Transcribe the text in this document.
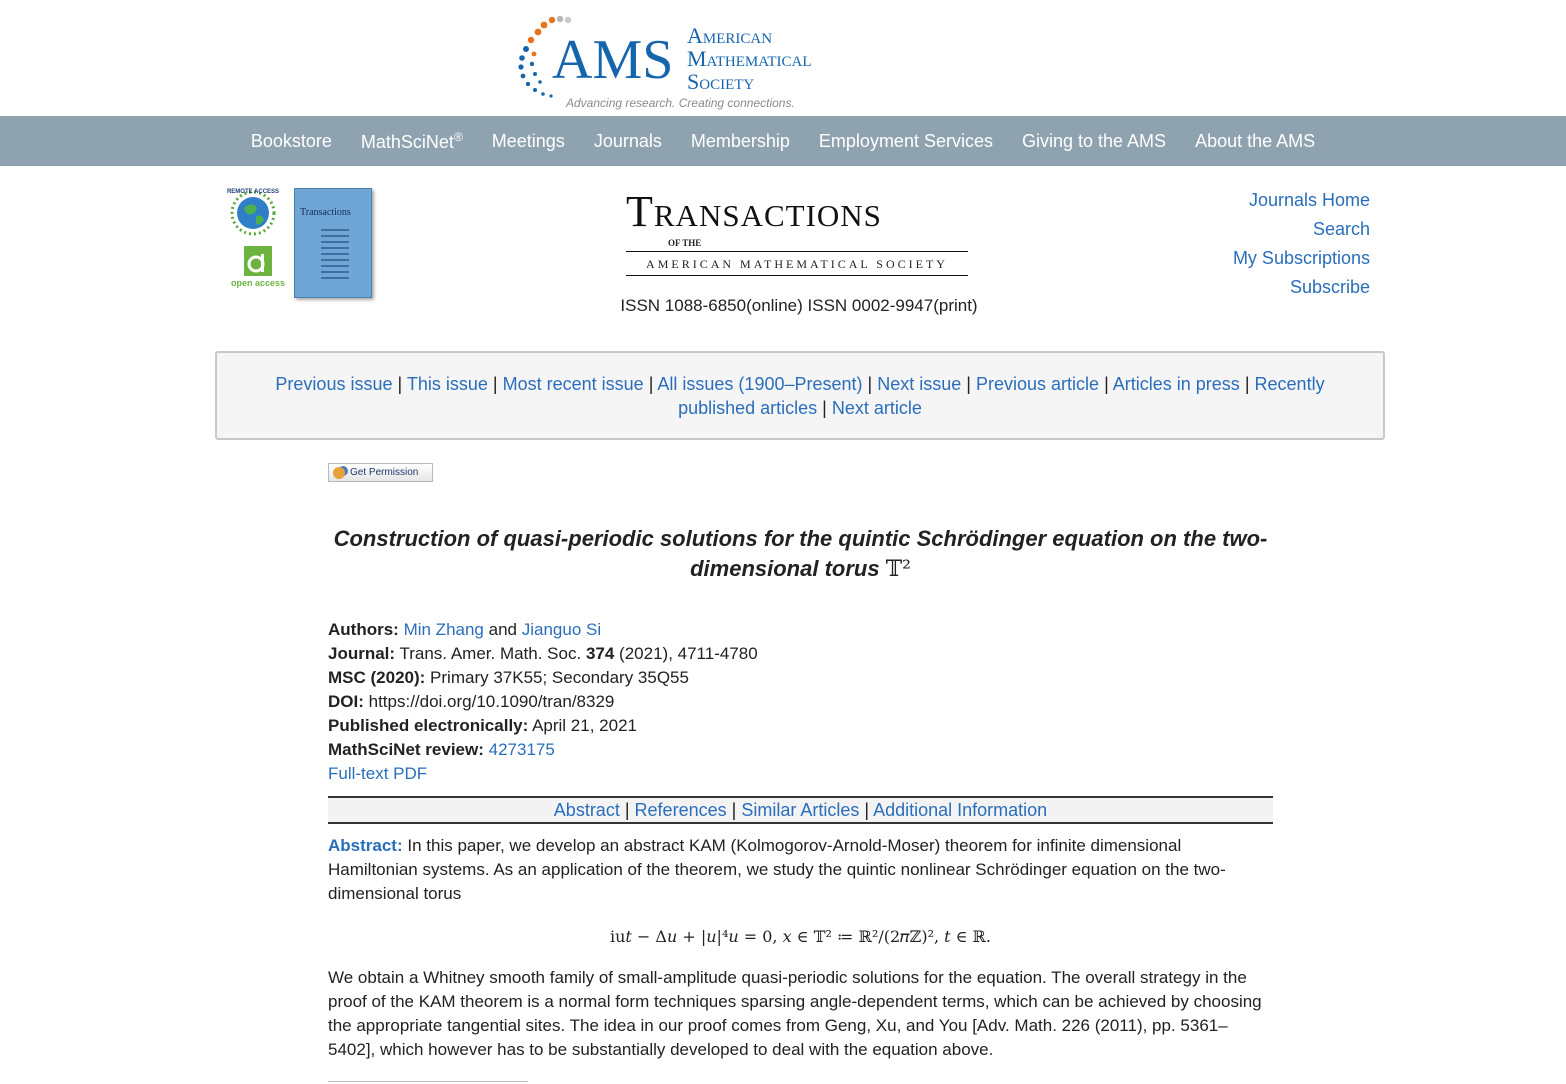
AMS American
Mathematical
Society
Advancing research. Creating connections.
Bookstore	MathSciNet®	Meetings	Journals	Membership	Employment Services	Giving to the AMS	About the AMS
REMOTE ACCESS
open access
Transactions	Transactions
OF THE
AMERICAN MATHEMATICAL SOCIETY
ISSN 1088-6850(online) ISSN 0002-9947(print)
Journals Home
Search
My Subscriptions
Subscribe
Previous issue | This issue | Most recent issue | All issues (1900–Present) | Next issue | Previous article | Articles in press | Recently published articles | Next article
Get Permission
Construction of quasi-periodic solutions for the quintic Schrödinger equation on the two-dimensional torus 𝕋²
Authors: Min Zhang and Jianguo Si
Journal: Trans. Amer. Math. Soc. 374 (2021), 4711-4780
MSC (2020): Primary 37K55; Secondary 35Q55
DOI: https://doi.org/10.1090/tran/8329
Published electronically: April 21, 2021
MathSciNet review: 4273175
Full-text PDF
Abstract | References | Similar Articles | Additional Information
Abstract: In this paper, we develop an abstract KAM (Kolmogorov-Arnold-Moser) theorem for infinite dimensional Hamiltonian systems. As an application of the theorem, we study the quintic nonlinear Schrödinger equation on the two-dimensional torus
iu𝑡 − Δ𝑢 + |𝑢|⁴𝑢 = 0, 𝑥 ∈ 𝕋² ≔ ℝ²/(2𝜋ℤ)², 𝑡 ∈ ℝ.
We obtain a Whitney smooth family of small-amplitude quasi-periodic solutions for the equation. The overall strategy in the proof of the KAM theorem is a normal form techniques sparsing angle-dependent terms, which can be achieved by choosing the appropriate tangential sites. The idea in our proof comes from Geng, Xu, and You [Adv. Math. 226 (2011), pp. 5361–5402], which however has to be substantially developed to deal with the equation above.
